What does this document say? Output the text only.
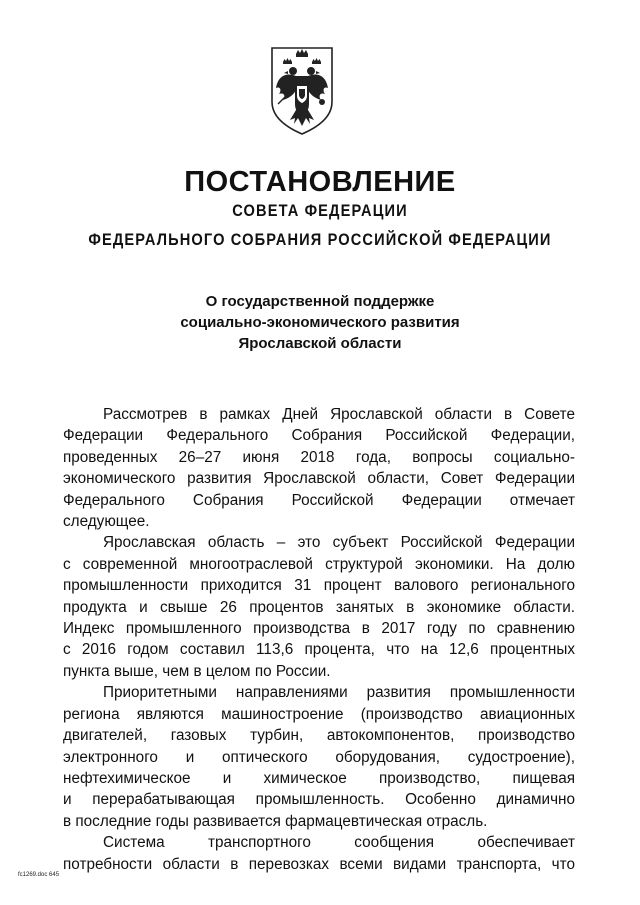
ПОСТАНОВЛЕНИЕ
СОВЕТА ФЕДЕРАЦИИ
ФЕДЕРАЛЬНОГО СОБРАНИЯ РОССИЙСКОЙ ФЕДЕРАЦИИ
О государственной поддержке
социально-экономического развития
Ярославской области
Рассмотрев в рамках Дней Ярославской области в Совете
Федерации Федерального Собрания Российской Федерации,
проведенных 26–27 июня 2018 года, вопросы социально-
экономического развития Ярославской области, Совет Федерации
Федерального Собрания Российской Федерации отмечает
следующее.
Ярославская область – это субъект Российской Федерации
с современной многоотраслевой структурой экономики. На долю
промышленности приходится 31 процент валового регионального
продукта и свыше 26 процентов занятых в экономике области.
Индекс промышленного производства в 2017 году по сравнению
с 2016 годом составил 113,6 процента, что на 12,6 процентных
пункта выше, чем в целом по России.
Приоритетными направлениями развития промышленности
региона являются машиностроение (производство авиационных
двигателей, газовых турбин, автокомпонентов, производство
электронного и оптического оборудования, судостроение),
нефтехимическое и химическое производство, пищевая
и перерабатывающая промышленность. Особенно динамично
в последние годы развивается фармацевтическая отрасль.
Система транспортного сообщения обеспечивает
потребности области в перевозках всеми видами транспорта, что
fc1269.doc 645
